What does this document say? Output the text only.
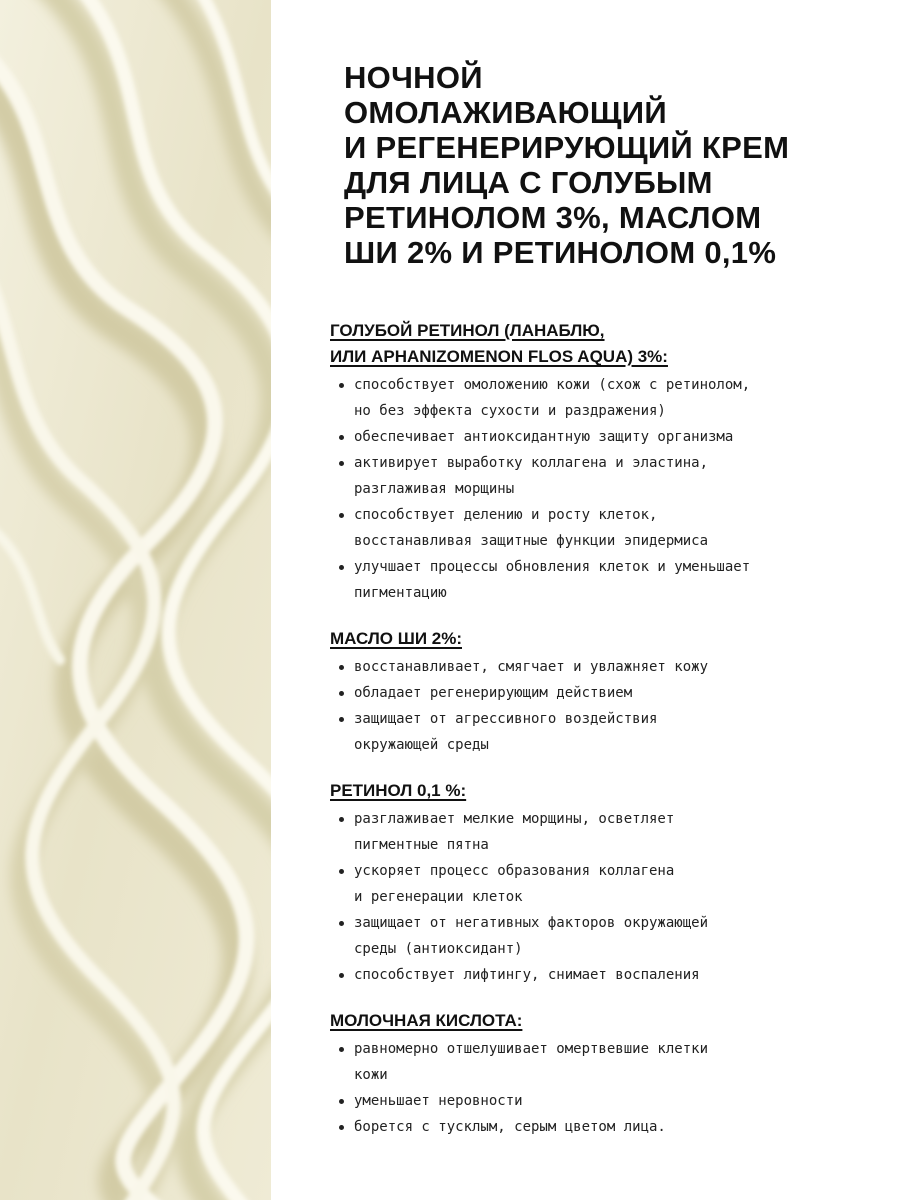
НОЧНОЙ
ОМОЛАЖИВАЮЩИЙ
И РЕГЕНЕРИРУЮЩИЙ КРЕМ
ДЛЯ ЛИЦА С ГОЛУБЫМ
РЕТИНОЛОМ 3%, МАСЛОМ
ШИ 2% И РЕТИНОЛОМ 0,1%
ГОЛУБОЙ РЕТИНОЛ (ЛАНАБЛЮ,
ИЛИ APHANIZOMENON FLOS AQUA) 3%:
способствует омоложению кожи (схож с ретинолом,
но без эффекта сухости и раздражения)
обеспечивает антиоксидантную защиту организма
активирует выработку коллагена и эластина,
разглаживая морщины
способствует делению и росту клеток,
восстанавливая защитные функции эпидермиса
улучшает процессы обновления клеток и уменьшает
пигментацию
МАСЛО ШИ 2%:
восстанавливает, смягчает и увлажняет кожу
обладает регенерирующим действием
защищает от агрессивного воздействия
окружающей среды
РЕТИНОЛ 0,1 %:
разглаживает мелкие морщины, осветляет
пигментные пятна
ускоряет процесс образования коллагена
и регенерации клеток
защищает от негативных факторов окружающей
среды (антиоксидант)
способствует лифтингу, снимает воспаления
МОЛОЧНАЯ КИСЛОТА:
равномерно отшелушивает омертвевшие клетки
кожи
уменьшает неровности
борется с тусклым, серым цветом лица.
